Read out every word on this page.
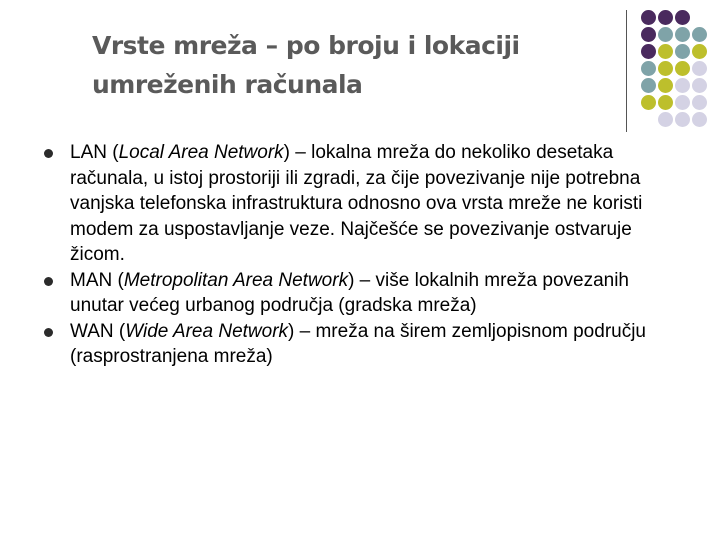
Vrste mreža – po broju i lokaciji
umreženih računala
LAN (Local Area Network) – lokalna mreža do nekoliko desetaka računala, u istoj prostoriji ili zgradi, za čije povezivanje nije potrebna vanjska telefonska infrastruktura odnosno ova vrsta mreže ne koristi modem za uspostavljanje veze. Najčešće se povezivanje ostvaruje žicom.
MAN (Metropolitan Area Network) – više lokalnih mreža povezanih unutar većeg urbanog područja (gradska mreža)
WAN (Wide Area Network) – mreža na širem zemljopisnom području (rasprostranjena mreža)
